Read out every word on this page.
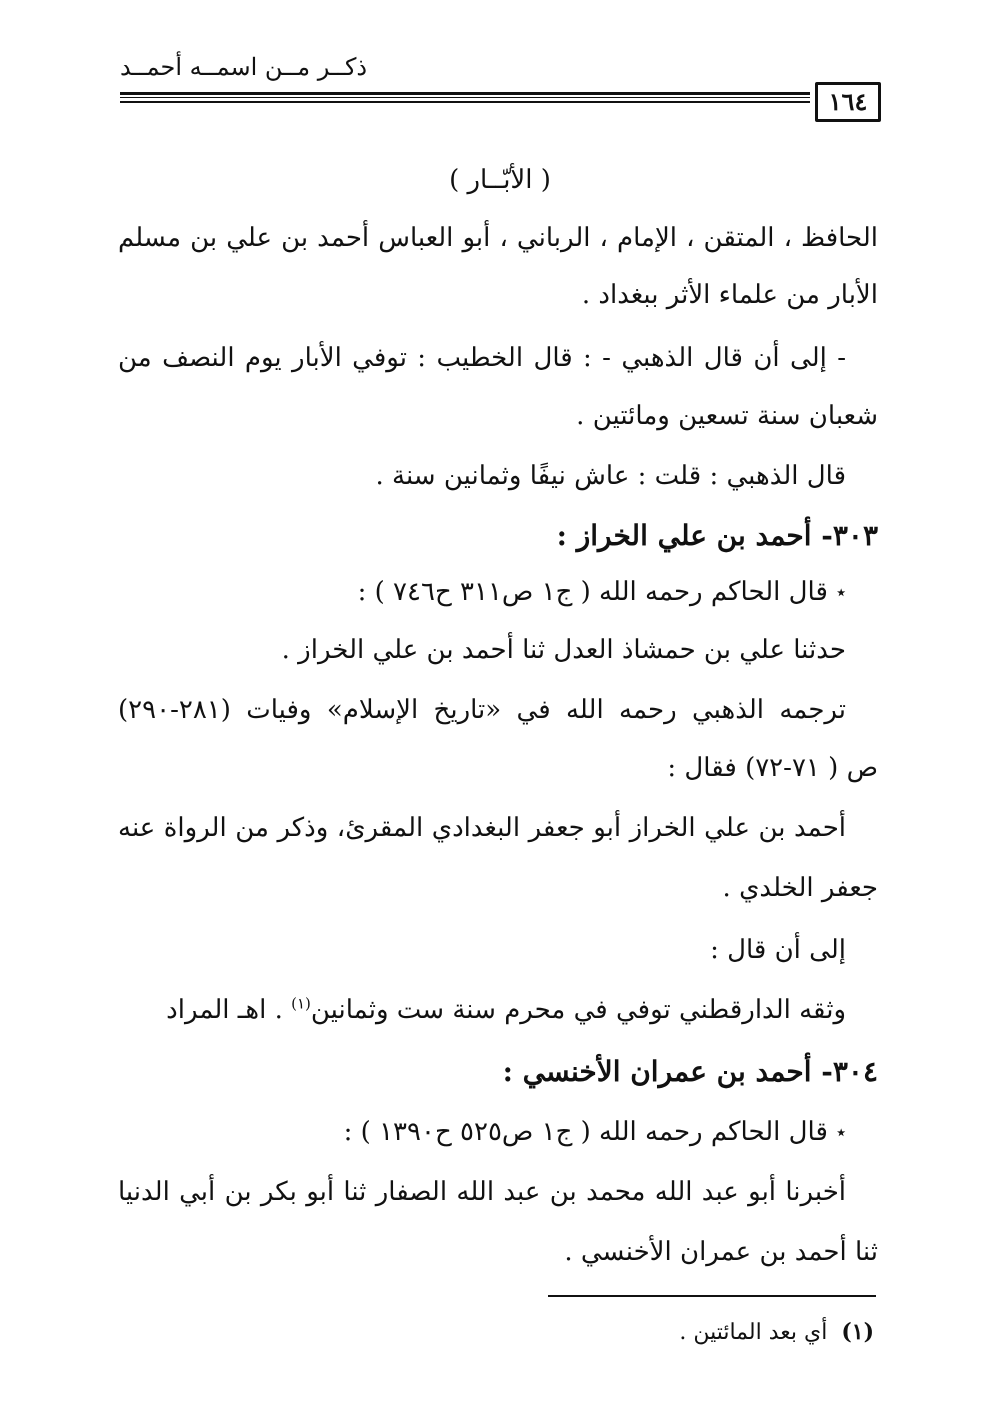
ذكــر مــن اسمــه أحمــد
١٦٤
( الأبّــار )
الحافظ ، المتقن ، الإمام ، الرباني ، أبو العباس أحمد بن علي بن مسلم
الأبار من علماء الأثر ببغداد .
- إلى أن قال الذهبي - : قال الخطيب : توفي الأبار يوم النصف من
شعبان سنة تسعين ومائتين .
قال الذهبي : قلت : عاش نيفًا وثمانين سنة .
٣٠٣- أحمد بن علي الخراز :
٭ قال الحاكم رحمه الله ( ج١ ص٣١١ ح٧٤٦ ) :
حدثنا علي بن حمشاذ العدل ثنا أحمد بن علي الخراز .
ترجمه الذهبي رحمه الله في «تاريخ الإسلام» وفيات (٢٨١-٢٩٠)
ص ( ٧١-٧٢) فقال :
أحمد بن علي الخراز أبو جعفر البغدادي المقرئ، وذكر من الرواة عنه
جعفر الخلدي .
إلى أن قال :
وثقه الدارقطني توفي في محرم سنة ست وثمانين$^{(١)}$ . اهـ المراد
٣٠٤- أحمد بن عمران الأخنسي :
٭ قال الحاكم رحمه الله ( ج١ ص٥٢٥ ح١٣٩٠ ) :
أخبرنا أبو عبد الله محمد بن عبد الله الصفار ثنا أبو بكر بن أبي الدنيا
ثنا أحمد بن عمران الأخنسي .
(١)أي بعد المائتين .
